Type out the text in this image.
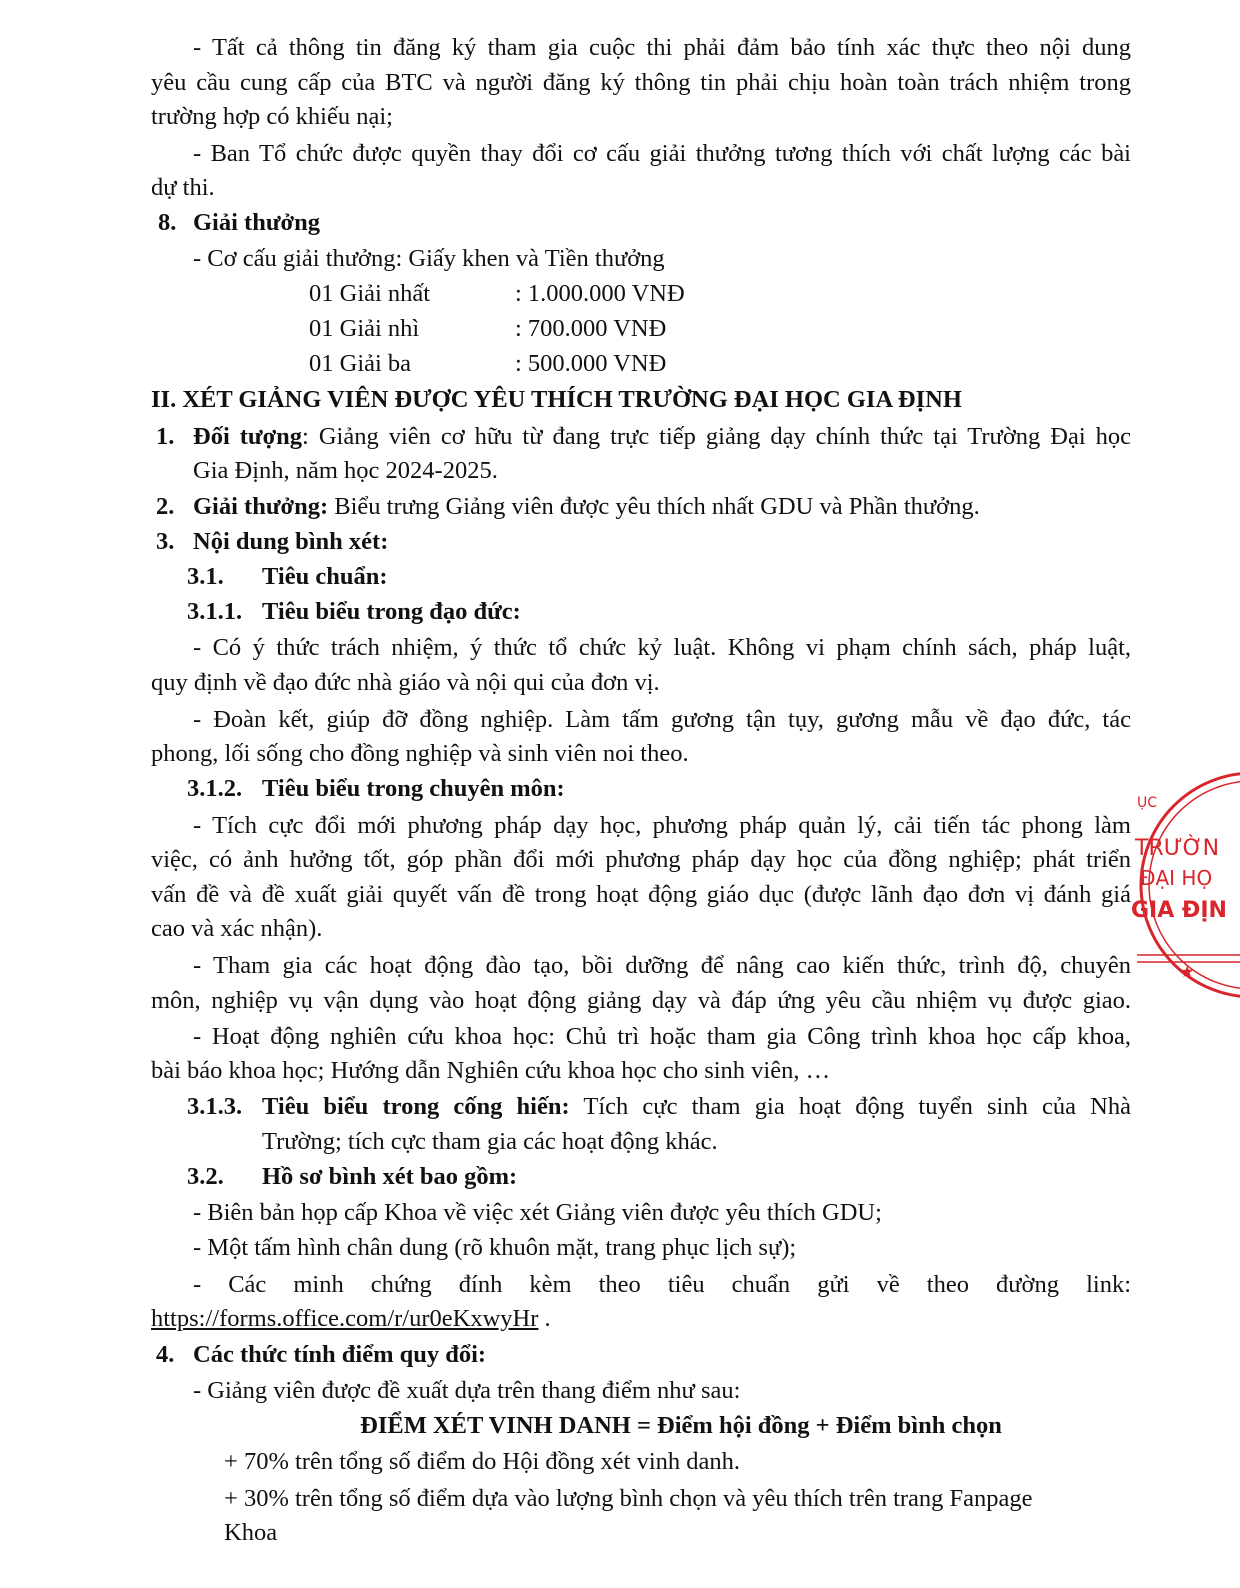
- Tất cả thông tin đăng ký tham gia cuộc thi phải đảm bảo tính xác thực theo nội dung
yêu cầu cung cấp của BTC và người đăng ký thông tin phải chịu hoàn toàn trách nhiệm trong
trường hợp có khiếu nại;
- Ban Tổ chức được quyền thay đổi cơ cấu giải thưởng tương thích với chất lượng các bài
dự thi.
8. Giải thưởng
- Cơ cấu giải thưởng: Giấy khen và Tiền thưởng
01 Giải nhất	: 1.000.000 VNĐ
01 Giải nhì	: 700.000 VNĐ
01 Giải ba	: 500.000 VNĐ
II. XÉT GIẢNG VIÊN ĐƯỢC YÊU THÍCH TRƯỜNG ĐẠI HỌC GIA ĐỊNH
1. Đối tượng: Giảng viên cơ hữu từ đang trực tiếp giảng dạy chính thức tại Trường Đại học
Gia Định, năm học 2024-2025.
2. Giải thưởng: Biểu trưng Giảng viên được yêu thích nhất GDU và Phần thưởng.
3. Nội dung bình xét:
3.1. Tiêu chuẩn:
3.1.1. Tiêu biểu trong đạo đức:
- Có ý thức trách nhiệm, ý thức tổ chức kỷ luật. Không vi phạm chính sách, pháp luật,
quy định về đạo đức nhà giáo và nội qui của đơn vị.
- Đoàn kết, giúp đỡ đồng nghiệp. Làm tấm gương tận tụy, gương mẫu về đạo đức, tác
phong, lối sống cho đồng nghiệp và sinh viên noi theo.
3.1.2. Tiêu biểu trong chuyên môn:
- Tích cực đổi mới phương pháp dạy học, phương pháp quản lý, cải tiến tác phong làm
việc, có ảnh hưởng tốt, góp phần đổi mới phương pháp dạy học của đồng nghiệp; phát triển
vấn đề và đề xuất giải quyết vấn đề trong hoạt động giáo dục (được lãnh đạo đơn vị đánh giá
cao và xác nhận).
- Tham gia các hoạt động đào tạo, bồi dưỡng để nâng cao kiến thức, trình độ, chuyên
môn, nghiệp vụ vận dụng vào hoạt động giảng dạy và đáp ứng yêu cầu nhiệm vụ được giao.
- Hoạt động nghiên cứu khoa học: Chủ trì hoặc tham gia Công trình khoa học cấp khoa,
bài báo khoa học; Hướng dẫn Nghiên cứu khoa học cho sinh viên, …
3.1.3. Tiêu biểu trong cống hiến: Tích cực tham gia hoạt động tuyển sinh của Nhà
Trường; tích cực tham gia các hoạt động khác.
3.2. Hồ sơ bình xét bao gồm:
- Biên bản họp cấp Khoa về việc xét Giảng viên được yêu thích GDU;
- Một tấm hình chân dung (rõ khuôn mặt, trang phục lịch sự);
- Các minh chứng đính kèm theo tiêu chuẩn gửi về theo đường link:
https://forms.office.com/r/ur0eKxwyHr .
4. Các thức tính điểm quy đổi:
- Giảng viên được đề xuất dựa trên thang điểm như sau:
ĐIỂM XÉT VINH DANH = Điểm hội đồng + Điểm bình chọn
+ 70% trên tổng số điểm do Hội đồng xét vinh danh.
+ 30% trên tổng số điểm dựa vào lượng bình chọn và yêu thích trên trang Fanpage
Khoa
ỤC
TRƯỜN
ĐẠI HỌ
GIA ĐỊN
★
